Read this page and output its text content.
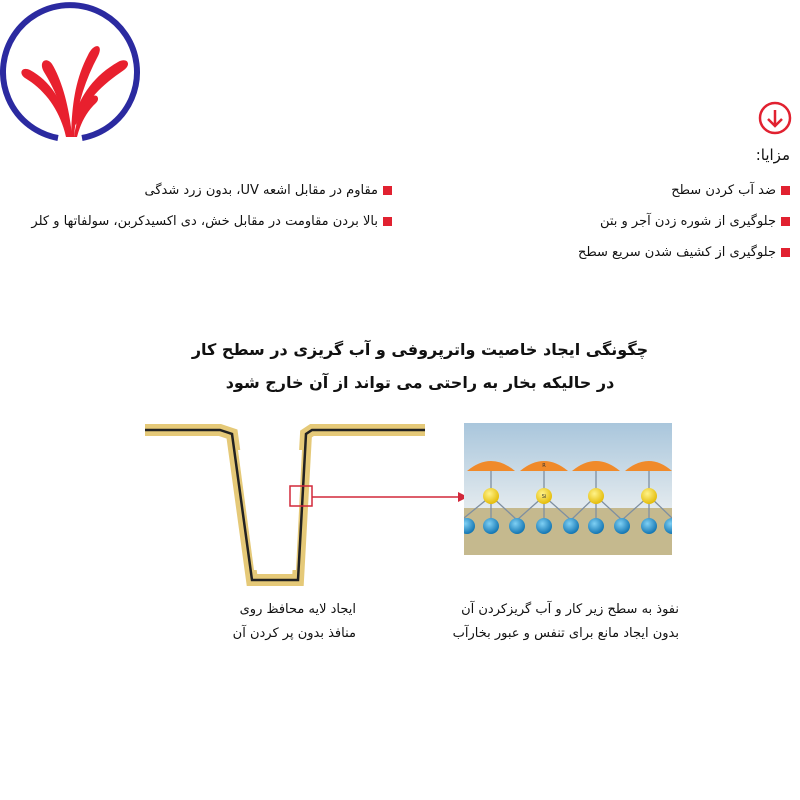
مزایا:
ضد آب کردن سطح
جلوگیری از شوره زدن آجر و بتن
جلوگیری از کشیف شدن سریع سطح
مقاوم در مقابل اشعه UV، بدون زرد شدگی
بالا بردن مقاومت در مقابل خش، دی اکسیدکربن، سولفاتها و کلر
چگونگی ایجاد خاصیت واترپروفی و آب گریزی در سطح کار
در حالیکه بخار به راحتی می تواند از آن خارج شود
R
Si
ایجاد لایه محافظ روی
منافذ بدون پر کردن آن
نفوذ به سطح زیر کار و آب گریزکردن آن
بدون ایجاد مانع برای تنفس و عبور بخارآب
